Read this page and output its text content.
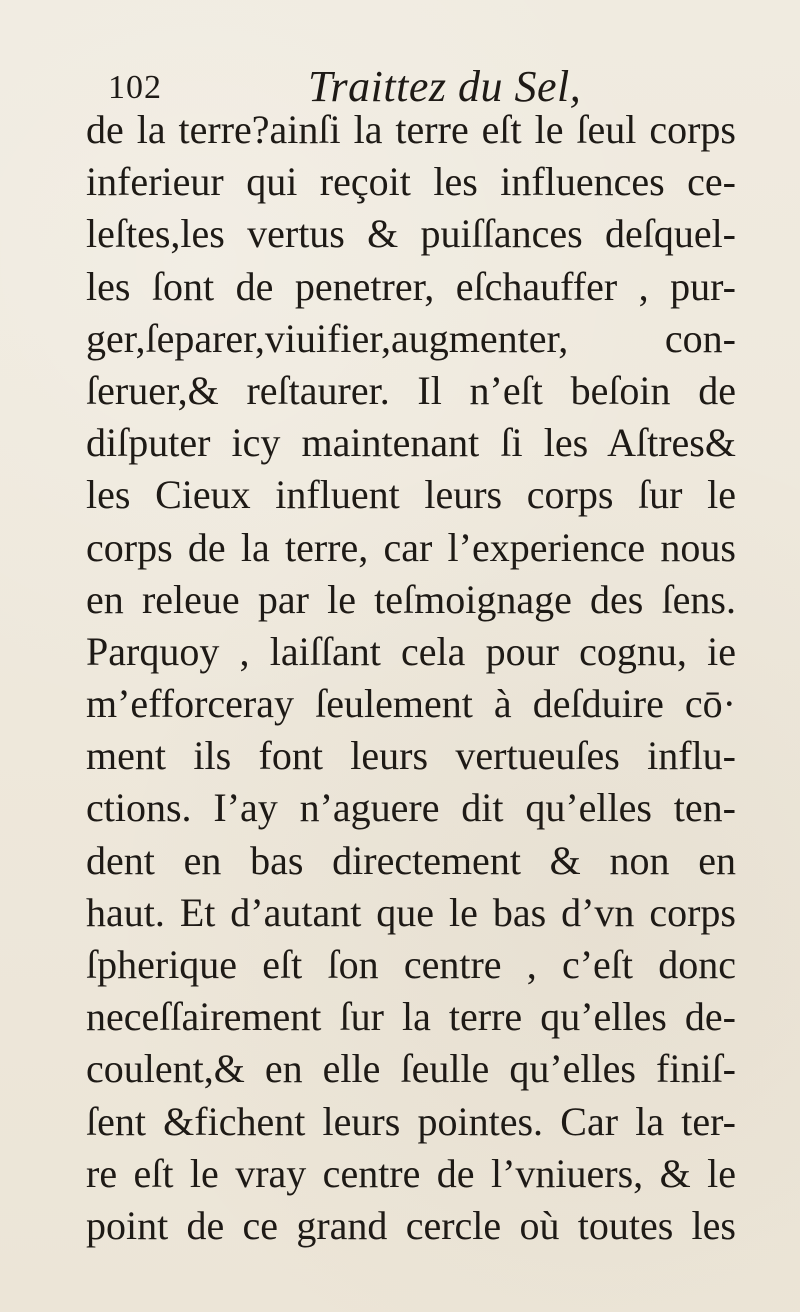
102	Traittez du Sel,
de la terre?ainſi la terre eſt le ſeul corps
inferieur qui reçoit les influences ce-
leſtes,les vertus & puiſſances deſquel-
les ſont de penetrer, eſchauffer , pur-
ger,ſeparer,viuifier,augmenter, con-
ſeruer,& reſtaurer. Il n’eſt beſoin de
diſputer icy maintenant ſi les Aſtres&
les Cieux influent leurs corps ſur le
corps de la terre, car l’experience nous
en releue par le teſmoignage des ſens.
Parquoy , laiſſant cela pour cognu, ie
m’efforceray ſeulement à deſduire cō·
ment ils font leurs vertueuſes influ-
ctions. I’ay n’aguere dit qu’elles ten-
dent en bas directement & non en
haut. Et d’autant que le bas d’vn corps
ſpherique eſt ſon centre , c’eſt donc
neceſſairement ſur la terre qu’elles de-
coulent,& en elle ſeulle qu’elles finiſ-
ſent &fichent leurs pointes. Car la ter-
re eſt le vray centre de l’vniuers, & le
point de ce grand cercle où toutes les
